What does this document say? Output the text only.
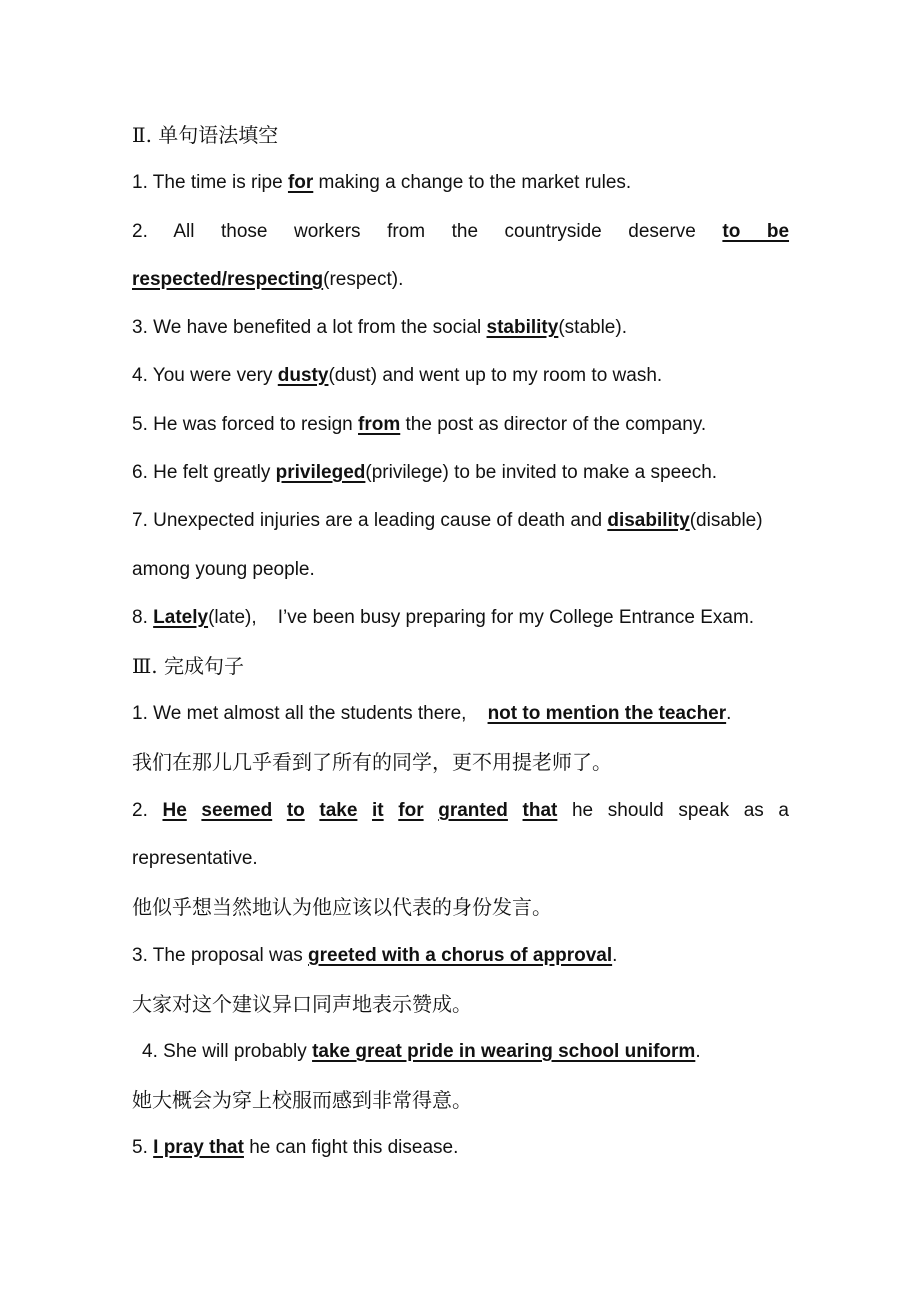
Ⅱ. 单句语法填空
1. The time is ripe for making a change to the market rules.
2. All those workers from the countryside deserve to be
respected/respecting(respect).
3. We have benefited a lot from the social stability(stable).
4. You were very dusty(dust) and went up to my room to wash.
5. He was forced to resign from the post as director of the company.
6. He felt greatly privileged(privilege) to be invited to make a speech.
7. Unexpected injuries are a leading cause of death and disability(disable)
among young people.
8. Lately(late),    I’ve been busy preparing for my College Entrance Exam.
Ⅲ. 完成句子
1. We met almost all the students there,    not to mention the teacher.
我们在那儿几乎看到了所有的同学，更不用提老师了。
2. He seemed to take it for granted that he should speak as a
representative.
他似乎想当然地认为他应该以代表的身份发言。
3. The proposal was greeted with a chorus of approval.
大家对这个建议异口同声地表示赞成。
4. She will probably take great pride in wearing school uniform.
她大概会为穿上校服而感到非常得意。
5. I pray that he can fight this disease.
